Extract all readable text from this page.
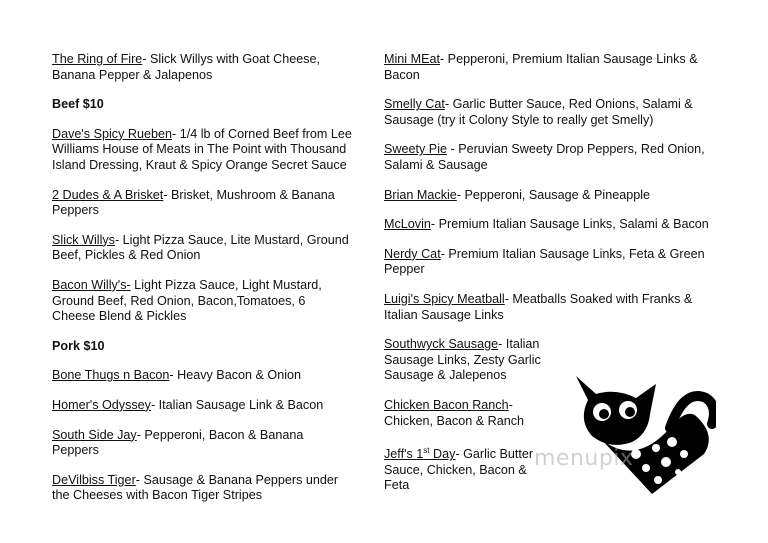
The Ring of Fire- Slick Willys with Goat Cheese, Banana Pepper & Jalapenos
Beef $10
Dave's Spicy Rueben- 1/4 lb of Corned Beef from Lee Williams House of Meats in The Point with Thousand Island Dressing, Kraut & Spicy Orange Secret Sauce
2 Dudes & A Brisket- Brisket, Mushroom & Banana Peppers
Slick Willys- Light Pizza Sauce, Lite Mustard, Ground Beef, Pickles & Red Onion
Bacon Willy's- Light Pizza Sauce, Light Mustard, Ground Beef, Red Onion, Bacon,Tomatoes, 6 Cheese Blend & Pickles
Pork $10
Bone Thugs n Bacon- Heavy Bacon & Onion
Homer's Odyssey- Italian Sausage Link & Bacon
South Side Jay- Pepperoni, Bacon & Banana Peppers
DeVilbiss Tiger- Sausage & Banana Peppers under the Cheeses with Bacon Tiger Stripes
Mini MEat- Pepperoni, Premium Italian Sausage Links & Bacon
Smelly Cat- Garlic Butter Sauce, Red Onions, Salami & Sausage (try it Colony Style to really get Smelly)
Sweety Pie - Peruvian Sweety Drop Peppers, Red Onion, Salami & Sausage
Brian Mackie- Pepperoni, Sausage & Pineapple
McLovin- Premium Italian Sausage Links, Salami & Bacon
Nerdy Cat- Premium Italian Sausage Links, Feta & Green Pepper
Luigi's Spicy Meatball- Meatballs Soaked with Franks & Italian Sausage Links
Southwyck Sausage- Italian Sausage Links, Zesty Garlic Sausage & Jalepenos
Chicken Bacon Ranch- Chicken, Bacon & Ranch
Jeff's 1st Day- Garlic Butter Sauce, Chicken, Bacon & Feta
menupix
